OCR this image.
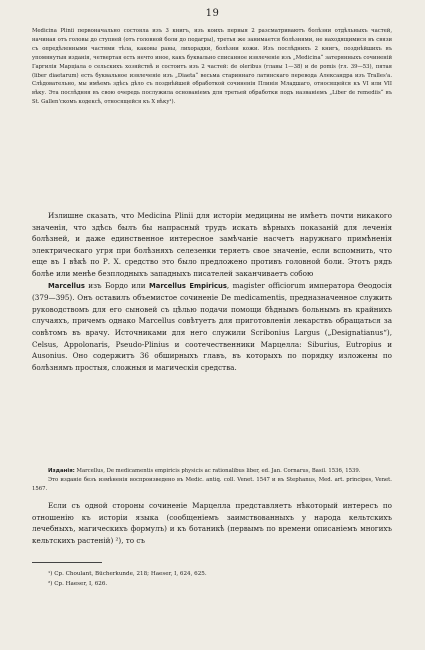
19

Medicina Plinii первоначально состояла изъ 3 книгъ, изъ коихъ первыя 2 разсматриваютъ болѣзни отдѣльныхъ частей, начиная отъ головы до ступней (отъ головной боли до подагры), третья же занимается болѣзнями, не находящимися въ связи съ опредѣленными частями тѣла, каковы раны, лихорадки, болѣзни кожи. Изъ послѣднихъ 2 книгъ, позднѣйшихъ въ упомянутыя изданія, четвертая есть нечто иное, какъ буквально списанное извлеченіе изъ „Medicina“ затерянныхъ сочиненій Гаргилія Марціала о сельскихъ хозяйствѣ и состоитъ изъ 2 частей: de oleribus (главы 1—38) и de pomis (гл. 39—53), пятая (liber diaetarum) есть буквальное извлеченіе изъ „Diaeta“ весьма стариннаго латинскаго перевода Александра изъ Tralles'а. Слѣдовательно, мы имѣемъ здѣсь дѣло съ позднѣйшей обработкой сочиненія Плинія Младшаго, относящейся къ VI или VII вѣку. Эта послѣдняя въ свою очередь послужила основаніемъ для третьей обработки подъ названіемъ „Liber de remediis“ въ St. Gallen'скомъ кодексѣ, относящейся къ X вѣку¹).

Излишне сказать, что Medicina Plinii для исторіи медицины не имѣетъ почти никакого значенія, что здѣсь былъ бы напрасный трудъ искать вѣрныхъ показаній для леченія болѣзней, и даже единственное интересное замѣчаніе насчетъ наружнаго примѣненія электрическаго угря при болѣзняхъ селезенки теряетъ свое значеніе, если вспомнить, что еще въ I вѣкѣ по Р. Х. средство это было предложено противъ головной боли. Этотъ рядъ болѣе или менѣе безплодныхъ западныхъ писателей заканчиваетъ собою

Marcellus изъ Бордо или Marcellus Empiricus, magister officiorum императора Ѳеодосія (379—395). Онъ оставилъ объемистое сочиненіе De medicamentis, предназначенное служить руководствомъ для его сыновей съ цѣлью подачи помощи бѣднымъ больнымъ въ крайнихъ случаяхъ, причемъ однако Marcellus совѣтуетъ для приготовленія лекарствъ обращаться за совѣтомъ въ врачу. Источниками для него служили Scribonius Largus („Designatianus“), Celsus, Appolonaris, Pseudo-Plinius и соотечественники Марцелла: Siburius, Eutropius и Ausonius. Оно содержитъ 36 обширныхъ главъ, въ которыхъ по порядку изложены по болѣзнямъ простыя, сложныя и магическія средства.

Изданія: Marcellus, De medicamentis empiricis physicis ac rationalibus liber, ed. Jan. Cornarus, Basil. 1536, 1539.

Это изданіе безъ измѣненія воспроизведено въ Medic. antiq. coll. Venet. 1547 и въ Stephanus, Med. art. principes, Venet. 1567.

Если съ одной стороны сочиненіе Марцелла представляетъ нѣкоторый интересъ по отношенію къ исторіи языка (сообщеніемъ заимствованныхъ у народа кельтскихъ лечебныхъ, магическихъ формулъ) и къ ботаникѣ (первымъ по времени описаніемъ многихъ кельтскихъ растеній) ²), то съ

¹) Cp. Choulant, Bücherkunde, 218; Haeser, I, 624, 625.

²) Cp. Haeser, I, 626.
